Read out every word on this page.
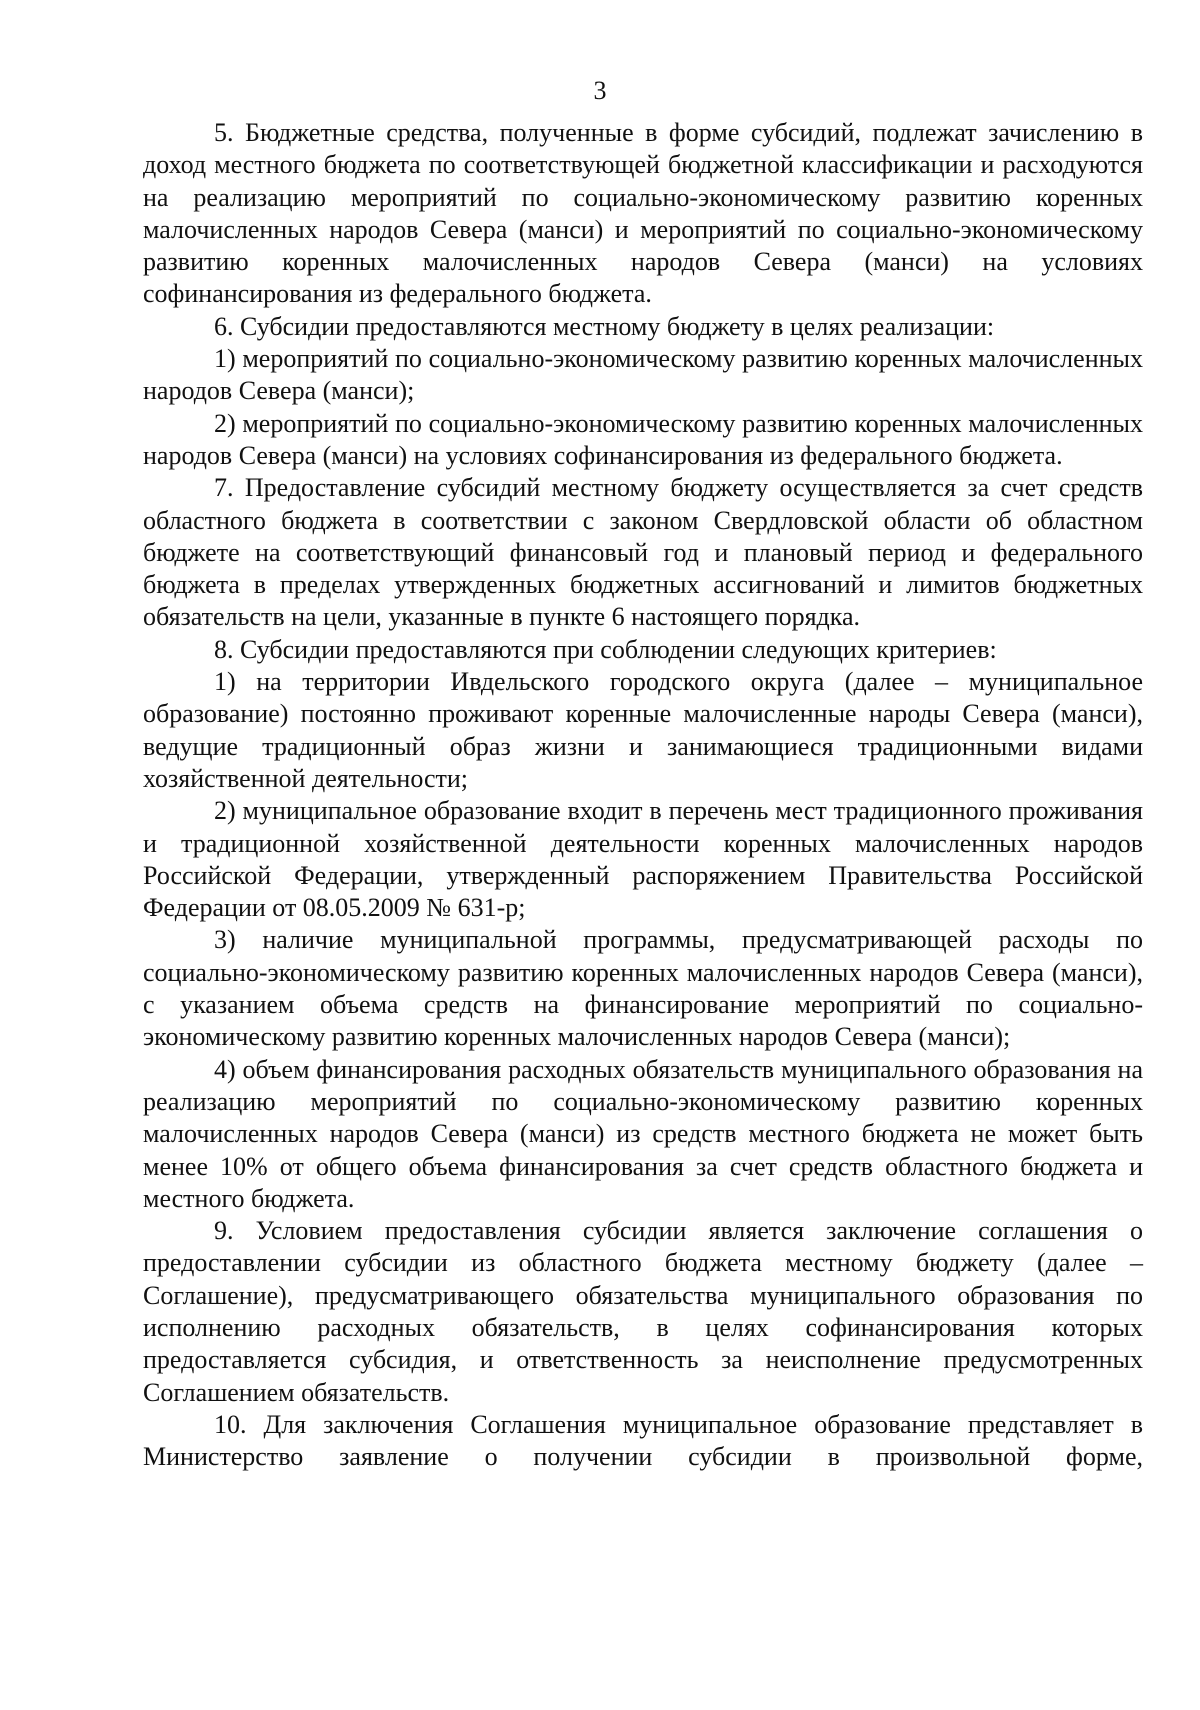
3

5. Бюджетные средства, полученные в форме субсидий, подлежат зачислению в доход местного бюджета по соответствующей бюджетной классификации и расходуются на реализацию мероприятий по социально-экономическому развитию коренных малочисленных народов Севера (манси) и мероприятий по социально-экономическому развитию коренных малочисленных народов Севера (манси) на условиях софинансирования из федерального бюджета.

6. Субсидии предоставляются местному бюджету в целях реализации:

1) мероприятий по социально-экономическому развитию коренных малочисленных народов Севера (манси);

2) мероприятий по социально-экономическому развитию коренных малочисленных народов Севера (манси) на условиях софинансирования из федерального бюджета.

7. Предоставление субсидий местному бюджету осуществляется за счет средств областного бюджета в соответствии с законом Свердловской области об областном бюджете на соответствующий финансовый год и плановый период и федерального бюджета в пределах утвержденных бюджетных ассигнований и лимитов бюджетных обязательств на цели, указанные в пункте 6 настоящего порядка.

8. Субсидии предоставляются при соблюдении следующих критериев:

1) на территории Ивдельского городского округа (далее – муниципальное образование) постоянно проживают коренные малочисленные народы Севера (манси), ведущие традиционный образ жизни и занимающиеся традиционными видами хозяйственной деятельности;

2) муниципальное образование входит в перечень мест традиционного проживания и традиционной хозяйственной деятельности коренных малочисленных народов Российской Федерации, утвержденный распоряжением Правительства Российской Федерации от 08.05.2009 № 631-р;

3) наличие муниципальной программы, предусматривающей расходы по социально-экономическому развитию коренных малочисленных народов Севера (манси), с указанием объема средств на финансирование мероприятий по социально-экономическому развитию коренных малочисленных народов Севера (манси);

4) объем финансирования расходных обязательств муниципального образования на реализацию мероприятий по социально-экономическому развитию коренных малочисленных народов Севера (манси) из средств местного бюджета не может быть менее 10% от общего объема финансирования за счет средств областного бюджета и местного бюджета.

9. Условием предоставления субсидии является заключение соглашения о предоставлении субсидии из областного бюджета местному бюджету (далее – Соглашение), предусматривающего обязательства муниципального образования по исполнению расходных обязательств, в целях софинансирования которых предоставляется субсидия, и ответственность за неисполнение предусмотренных Соглашением обязательств.

10. Для заключения Соглашения муниципальное образование представляет в Министерство заявление о получении субсидии в произвольной форме,
